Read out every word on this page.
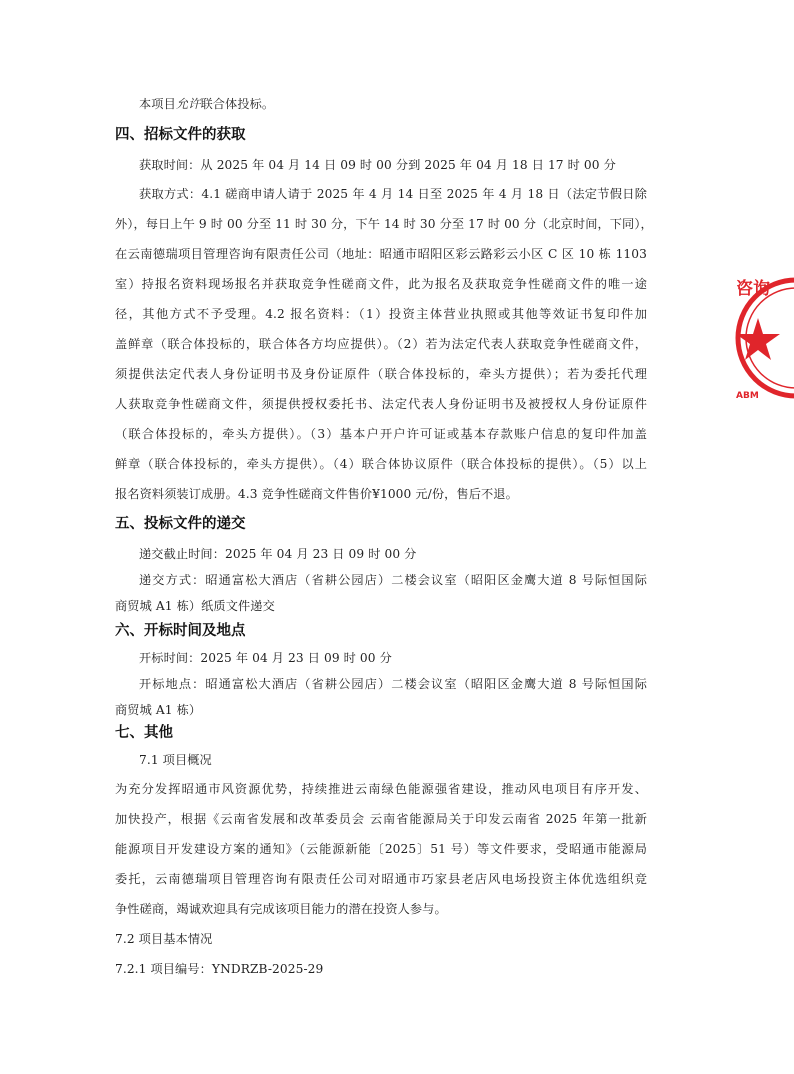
本项目允许联合体投标。
四、招标文件的获取
获取时间：从 2025 年 04 月 14 日 09 时 00 分到 2025 年 04 月 18 日 17 时 00 分
获取方式：4.1 磋商申请人请于 2025 年 4 月 14 日至 2025 年 4 月 18 日（法定节假日除
外），每日上午 9 时 00 分至 11 时 30 分，下午 14 时 30 分至 17 时 00 分（北京时间，下同），
在云南德瑞项目管理咨询有限责任公司（地址：昭通市昭阳区彩云路彩云小区 C 区 10 栋 1103
室）持报名资料现场报名并获取竞争性磋商文件，此为报名及获取竞争性磋商文件的唯一途
径，其他方式不予受理。4.2 报名资料：（1）投资主体营业执照或其他等效证书复印件加
盖鲜章（联合体投标的，联合体各方均应提供）。（2）若为法定代表人获取竞争性磋商文件，
须提供法定代表人身份证明书及身份证原件（联合体投标的，牵头方提供）；若为委托代理
人获取竞争性磋商文件，须提供授权委托书、法定代表人身份证明书及被授权人身份证原件
（联合体投标的，牵头方提供）。（3）基本户开户许可证或基本存款账户信息的复印件加盖
鲜章（联合体投标的，牵头方提供）。（4）联合体协议原件（联合体投标的提供）。（5）以上
报名资料须装订成册。4.3 竞争性磋商文件售价¥1000 元/份，售后不退。
五、投标文件的递交
递交截止时间：2025 年 04 月 23 日 09 时 00 分
递交方式：昭通富松大酒店（省耕公园店）二楼会议室（昭阳区金鹰大道 8 号际恒国际
商贸城 A1 栋）纸质文件递交
六、开标时间及地点
开标时间：2025 年 04 月 23 日 09 时 00 分
开标地点：昭通富松大酒店（省耕公园店）二楼会议室（昭阳区金鹰大道 8 号际恒国际
商贸城 A1 栋）
七、其他
7.1 项目概况
为充分发挥昭通市风资源优势，持续推进云南绿色能源强省建设，推动风电项目有序开发、
加快投产，根据《云南省发展和改革委员会 云南省能源局关于印发云南省 2025 年第一批新
能源项目开发建设方案的通知》（云能源新能〔2025〕51 号）等文件要求，受昭通市能源局
委托，云南德瑞项目管理咨询有限责任公司对昭通市巧家县老店风电场投资主体优选组织竞
争性磋商，竭诚欢迎具有完成该项目能力的潜在投资人参与。
7.2 项目基本情况
7.2.1 项目编号：YNDRZB-2025-29
咨询
ABM
